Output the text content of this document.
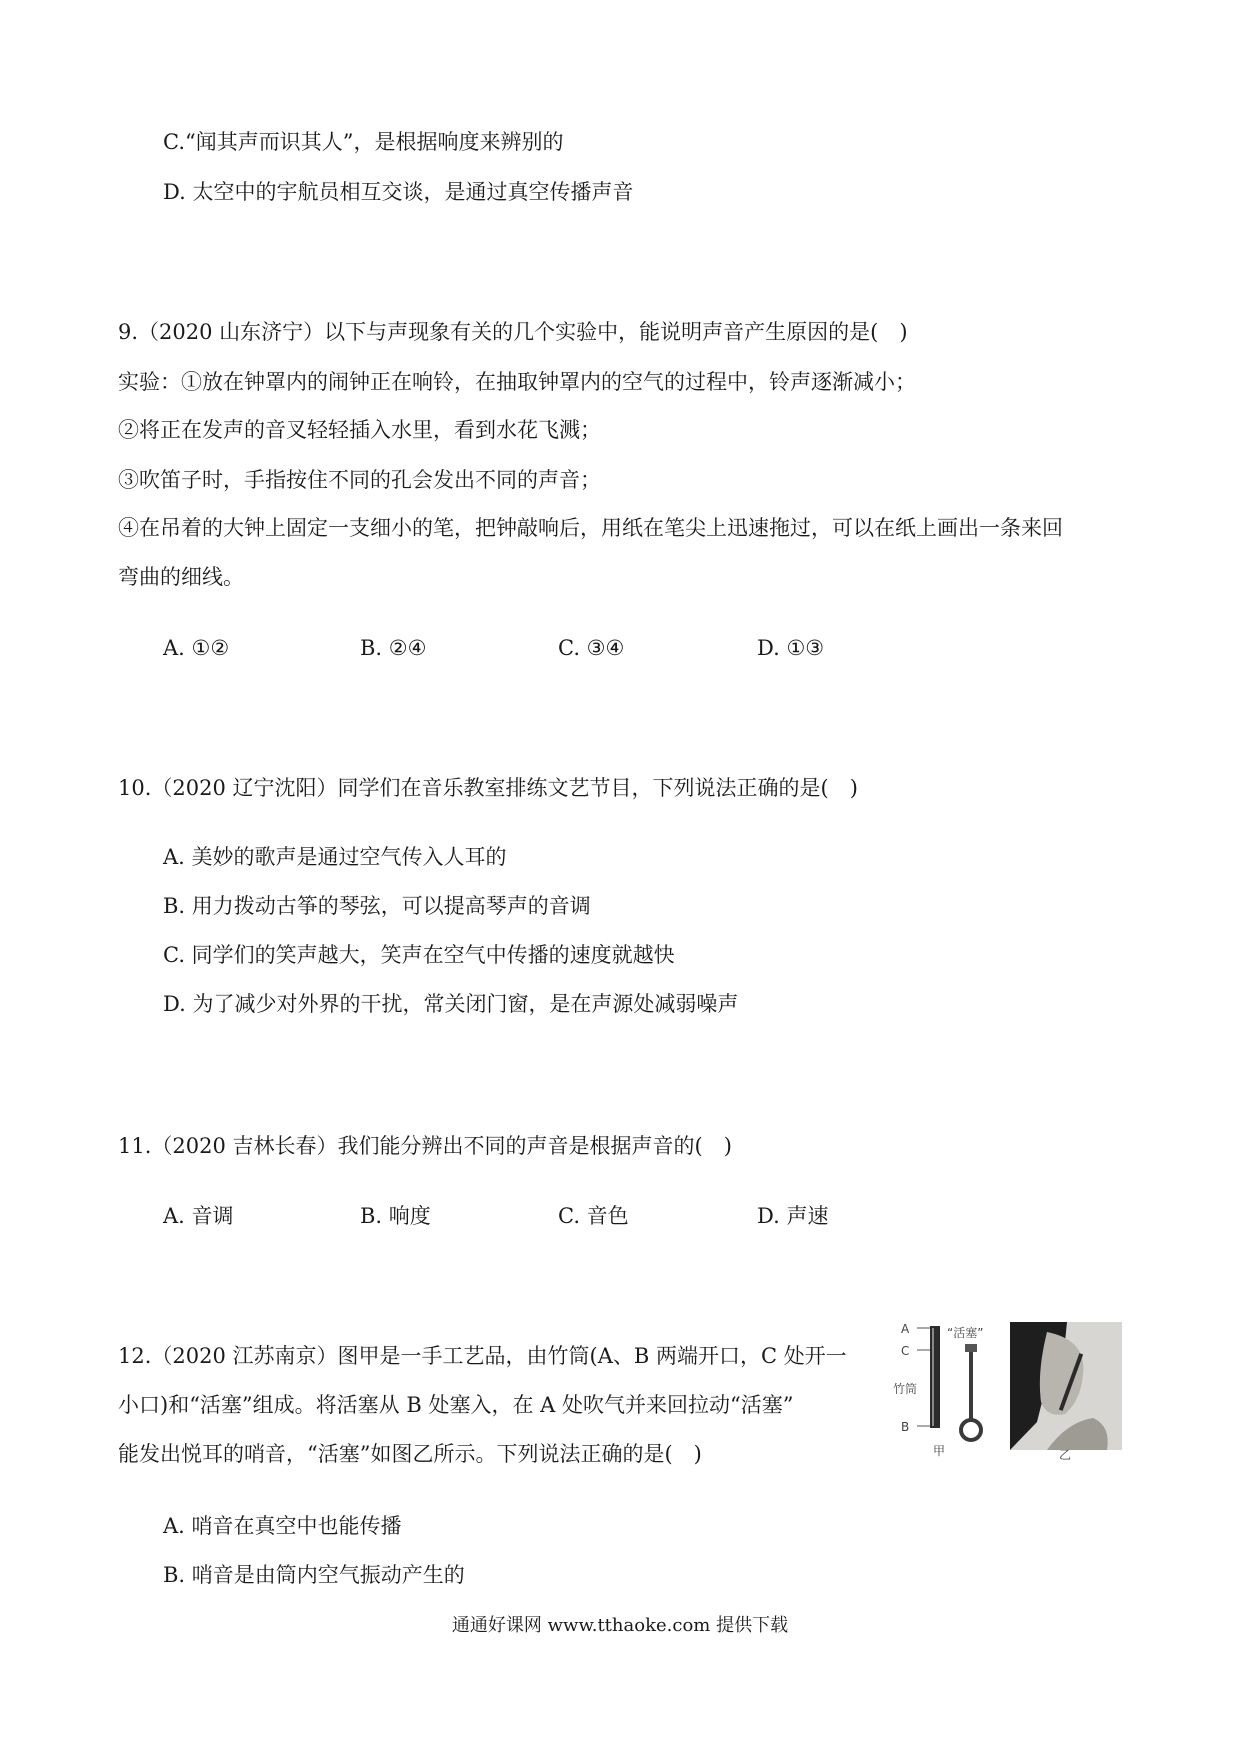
C.“闻其声而识其人”，是根据响度来辨别的
D. 太空中的宇航员相互交谈，是通过真空传播声音
9.（2020 山东济宁）以下与声现象有关的几个实验中，能说明声音产生原因的是(　)
实验：①放在钟罩内的闹钟正在响铃，在抽取钟罩内的空气的过程中，铃声逐渐减小；
②将正在发声的音叉轻轻插入水里，看到水花飞溅；
③吹笛子时，手指按住不同的孔会发出不同的声音；
④在吊着的大钟上固定一支细小的笔，把钟敲响后，用纸在笔尖上迅速拖过，可以在纸上画出一条来回
弯曲的细线。
A. ①②	B. ②④	C. ③④	D. ①③
10.（2020 辽宁沈阳）同学们在音乐教室排练文艺节目，下列说法正确的是(　)
A. 美妙的歌声是通过空气传入人耳的
B. 用力拨动古筝的琴弦，可以提高琴声的音调
C. 同学们的笑声越大，笑声在空气中传播的速度就越快
D. 为了减少对外界的干扰，常关闭门窗，是在声源处减弱噪声
11.（2020 吉林长春）我们能分辨出不同的声音是根据声音的(　)
A. 音调	B. 响度	C. 音色	D. 声速
12.（2020 江苏南京）图甲是一手工艺品，由竹筒(A、B 两端开口，C 处开一
小口)和“活塞”组成。将活塞从 B 处塞入，在 A 处吹气并来回拉动“活塞”
能发出悦耳的哨音，“活塞”如图乙所示。下列说法正确的是(　)
A
C
竹筒
B
“活塞”
甲	乙
A. 哨音在真空中也能传播
B. 哨音是由筒内空气振动产生的
通通好课网 www.tthaoke.com 提供下载
